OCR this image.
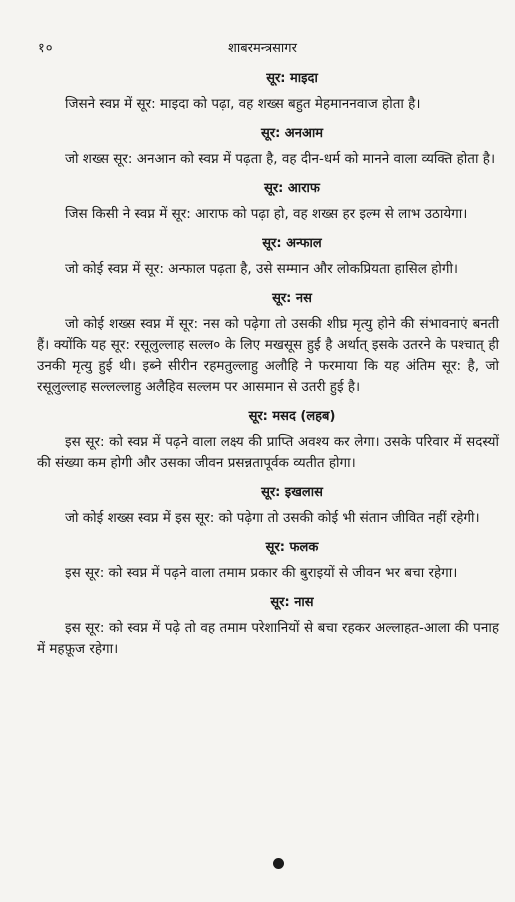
१०	शाबरमन्त्रसागर
सूर: माइदा

जिसने स्वप्न में सूर: माइदा को पढ़ा, वह शख्स बहुत मेहमाननवाज होता है।

सूर: अनआम

जो शख्स सूर: अनआन को स्वप्न में पढ़ता है, वह दीन-धर्म को मानने वाला व्यक्ति होता है।

सूर: आराफ

जिस किसी ने स्वप्न में सूर: आराफ को पढ़ा हो, वह शख्स हर इल्म से लाभ उठायेगा।

सूर: अन्फाल

जो कोई स्वप्न में सूर: अन्फाल पढ़ता है, उसे सम्मान और लोकप्रियता हासिल होगी।

सूर: नस

जो कोई शख्स स्वप्न में सूर: नस को पढ़ेगा तो उसकी शीघ्र मृत्यु होने की संभावनाएं बनती हैं। क्योंकि यह सूर: रसूलुल्लाह सल्ल० के लिए मखसूस हुई है अर्थात् इसके उतरने के पश्चात् ही उनकी मृत्यु हुई थी। इब्ने सीरीन रहमतुल्लाहु अलौहि ने फरमाया कि यह अंतिम सूर: है, जो रसूलुल्लाह सल्लल्लाहु अलैहिव सल्लम पर आसमान से उतरी हुई है।

सूर: मसद (लहब)

इस सूर: को स्वप्न में पढ़ने वाला लक्ष्य की प्राप्ति अवश्य कर लेगा। उसके परिवार में सदस्यों की संख्या कम होगी और उसका जीवन प्रसन्नतापूर्वक व्यतीत होगा।

सूर: इखलास

जो कोई शख्स स्वप्न में इस सूर: को पढ़ेगा तो उसकी कोई भी संतान जीवित नहीं रहेगी।

सूर: फलक

इस सूर: को स्वप्न में पढ़ने वाला तमाम प्रकार की बुराइयों से जीवन भर बचा रहेगा।

सूर: नास

इस सूर: को स्वप्न में पढ़े तो वह तमाम परेशानियों से बचा रहकर अल्लाहत-आला की पनाह में महफ़ूज रहेगा।
